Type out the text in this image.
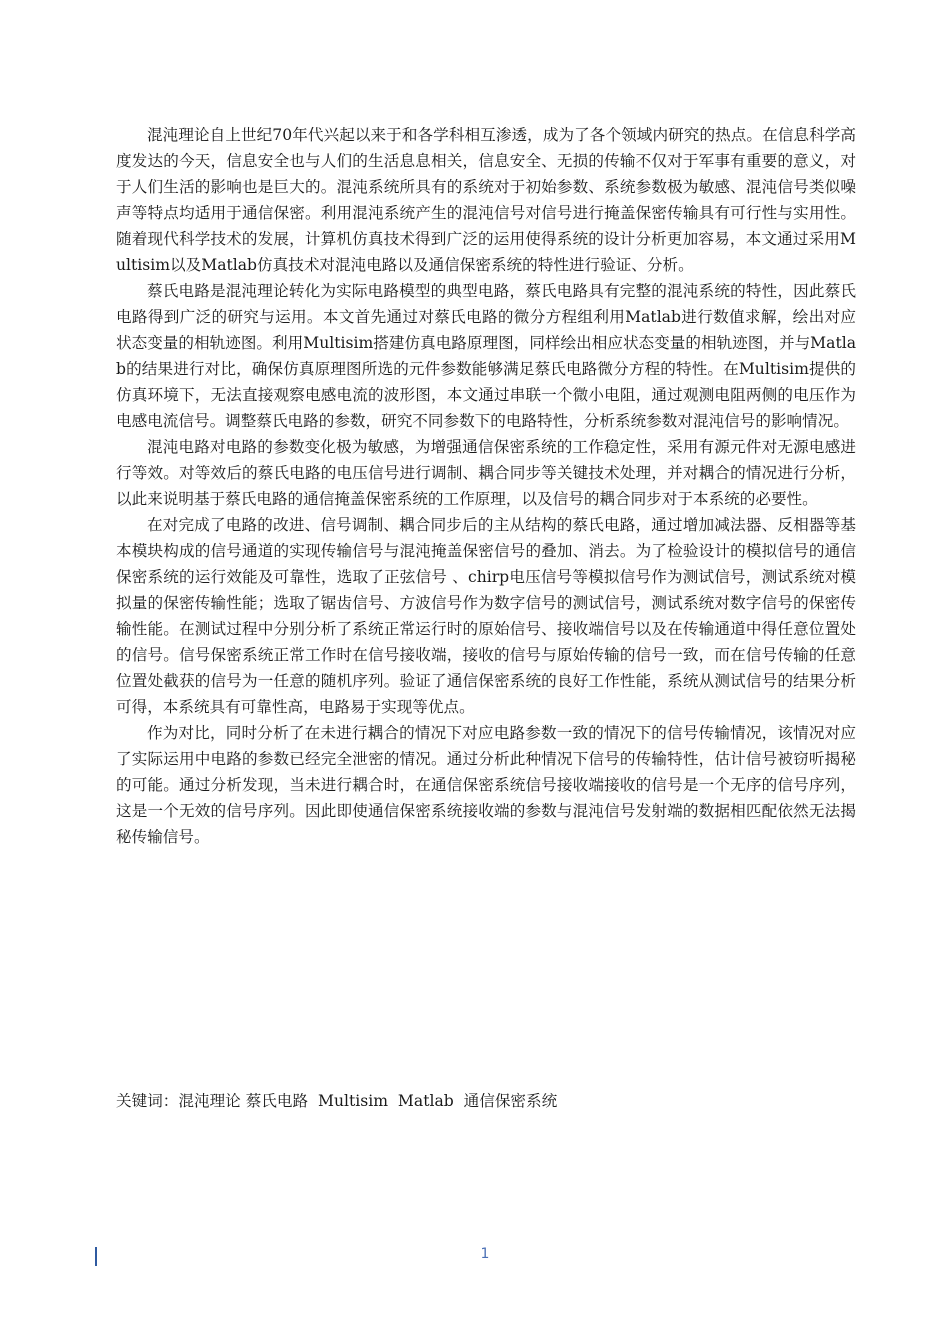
混沌理论自上世纪70年代兴起以来于和各学科相互渗透，成为了各个领域内研究的热点。在信息科学高度发达的今天，信息安全也与人们的生活息息相关，信息安全、无损的传输不仅对于军事有重要的意义，对于人们生活的影响也是巨大的。混沌系统所具有的系统对于初始参数、系统参数极为敏感、混沌信号类似噪声等特点均适用于通信保密。利用混沌系统产生的混沌信号对信号进行掩盖保密传输具有可行性与实用性。随着现代科学技术的发展，计算机仿真技术得到广泛的运用使得系统的设计分析更加容易，本文通过采用Multisim以及Matlab仿真技术对混沌电路以及通信保密系统的特性进行验证、分析。

蔡氏电路是混沌理论转化为实际电路模型的典型电路，蔡氏电路具有完整的混沌系统的特性，因此蔡氏电路得到广泛的研究与运用。本文首先通过对蔡氏电路的微分方程组利用Matlab进行数值求解，绘出对应状态变量的相轨迹图。利用Multisim搭建仿真电路原理图，同样绘出相应状态变量的相轨迹图，并与Matlab的结果进行对比，确保仿真原理图所选的元件参数能够满足蔡氏电路微分方程的特性。在Multisim提供的仿真环境下，无法直接观察电感电流的波形图，本文通过串联一个微小电阻，通过观测电阻两侧的电压作为电感电流信号。调整蔡氏电路的参数，研究不同参数下的电路特性，分析系统参数对混沌信号的影响情况。

混沌电路对电路的参数变化极为敏感，为增强通信保密系统的工作稳定性，采用有源元件对无源电感进行等效。对等效后的蔡氏电路的电压信号进行调制、耦合同步等关键技术处理，并对耦合的情况进行分析，以此来说明基于蔡氏电路的通信掩盖保密系统的工作原理，以及信号的耦合同步对于本系统的必要性。

在对完成了电路的改进、信号调制、耦合同步后的主从结构的蔡氏电路，通过增加减法器、反相器等基本模块构成的信号通道的实现传输信号与混沌掩盖保密信号的叠加、消去。为了检验设计的模拟信号的通信保密系统的运行效能及可靠性，选取了正弦信号 、chirp电压信号等模拟信号作为测试信号，测试系统对模拟量的保密传输性能；选取了锯齿信号、方波信号作为数字信号的测试信号，测试系统对数字信号的保密传输性能。在测试过程中分别分析了系统正常运行时的原始信号、接收端信号以及在传输通道中得任意位置处的信号。信号保密系统正常工作时在信号接收端，接收的信号与原始传输的信号一致，而在信号传输的任意位置处截获的信号为一任意的随机序列。验证了通信保密系统的良好工作性能，系统从测试信号的结果分析可得，本系统具有可靠性高，电路易于实现等优点。

作为对比，同时分析了在未进行耦合的情况下对应电路参数一致的情况下的信号传输情况，该情况对应了实际运用中电路的参数已经完全泄密的情况。通过分析此种情况下信号的传输特性，估计信号被窃听揭秘的可能。通过分析发现，当未进行耦合时，在通信保密系统信号接收端接收的信号是一个无序的信号序列，这是一个无效的信号序列。因此即使通信保密系统接收端的参数与混沌信号发射端的数据相匹配依然无法揭秘传输信号。

关键词：混沌理论 蔡氏电路  Multisim  Matlab  通信保密系统
1
